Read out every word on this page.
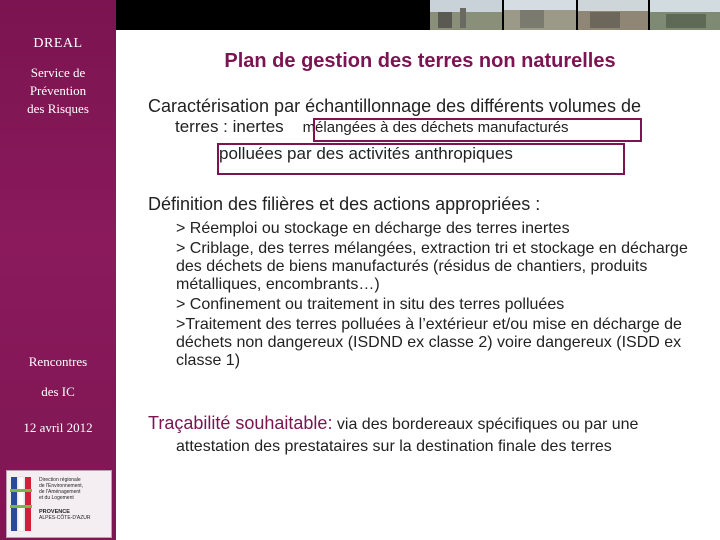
DREAL
Service de
Prévention
des Risques
Rencontres
des IC
12 avril 2012
Direction régionale
de l'Environnement,
de l'Aménagement
et du Logement
PROVENCE
ALPES-CÔTE-D'AZUR
Plan de gestion des terres non naturelles
Caractérisation par échantillonnage des différents volumes de
terres : inertes mélangées à des déchets manufacturés
polluées par des activités anthropiques
Définition des filières et des actions appropriées :
> Réemploi ou stockage en décharge des terres inertes
> Criblage, des terres mélangées, extraction tri et stockage en décharge des déchets de biens manufacturés (résidus de chantiers, produits métalliques, encombrants…)
> Confinement ou traitement in situ des terres polluées
>Traitement des terres polluées à l’extérieur et/ou mise en décharge de déchets non dangereux (ISDND ex classe 2) voire dangereux (ISDD ex classe 1)
Traçabilité souhaitable: via des bordereaux spécifiques ou par une
attestation des prestataires sur la destination finale des terres
